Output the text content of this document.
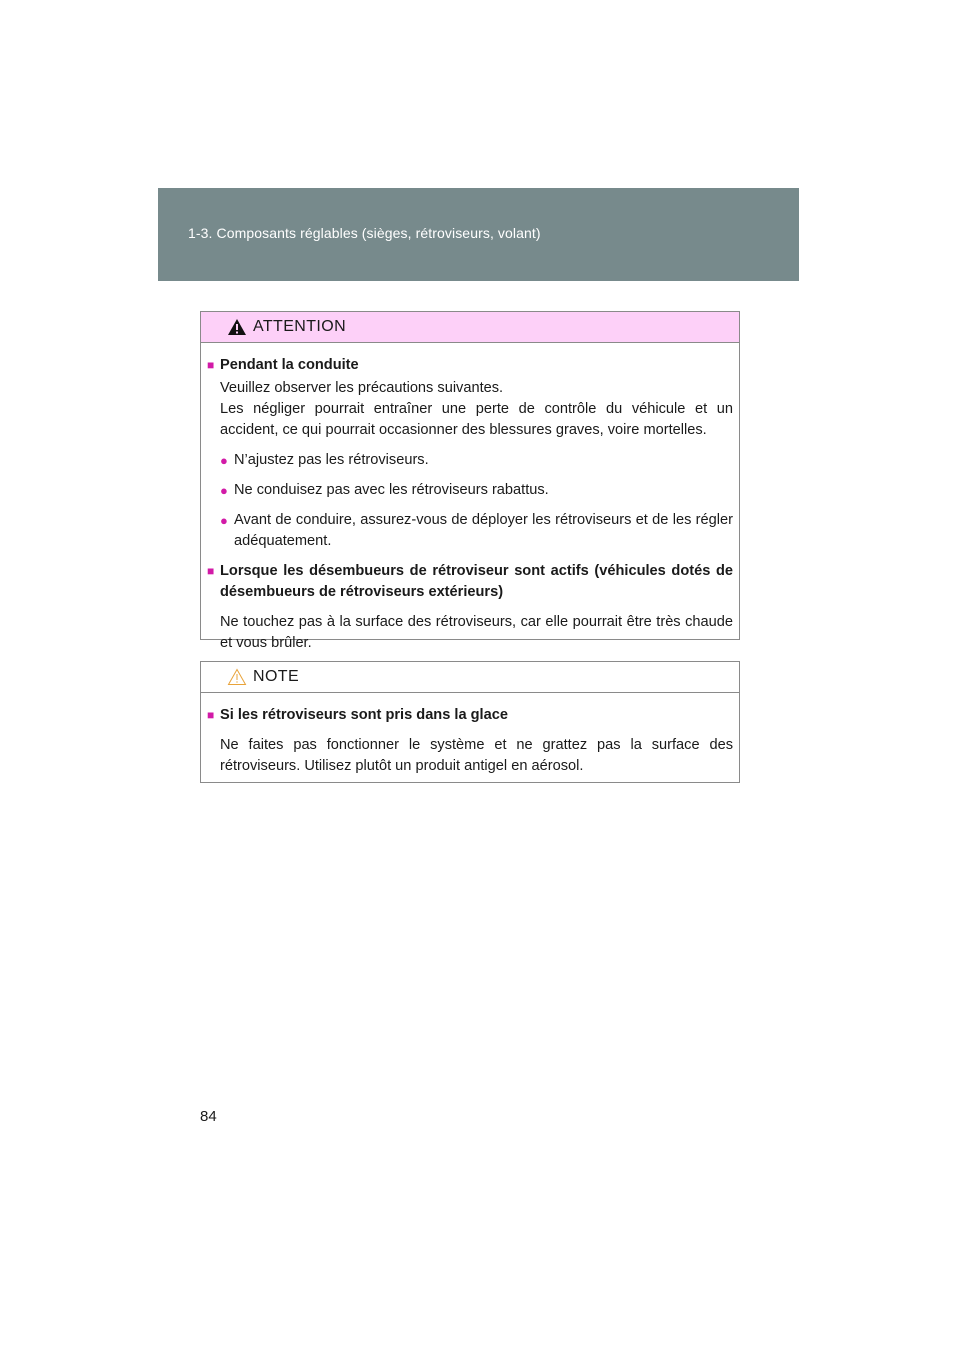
1-3. Composants réglables (sièges, rétroviseurs, volant)
ATTENTION
■ Pendant la conduite

Veuillez observer les précautions suivantes.

Les négliger pourrait entraîner une perte de contrôle du véhicule et un accident, ce qui pourrait occasionner des blessures graves, voire mortelles.

● N’ajustez pas les rétroviseurs.
● Ne conduisez pas avec les rétroviseurs rabattus.
● Avant de conduire, assurez-vous de déployer les rétroviseurs et de les régler adéquatement.
■ Lorsque les désembueurs de rétroviseur sont actifs (véhicules dotés de désembueurs de rétroviseurs extérieurs)

Ne touchez pas à la surface des rétroviseurs, car elle pourrait être très chaude et vous brûler.

NOTE
■ Si les rétroviseurs sont pris dans la glace

Ne faites pas fonctionner le système et ne grattez pas la surface des rétroviseurs. Utilisez plutôt un produit antigel en aérosol.

84
